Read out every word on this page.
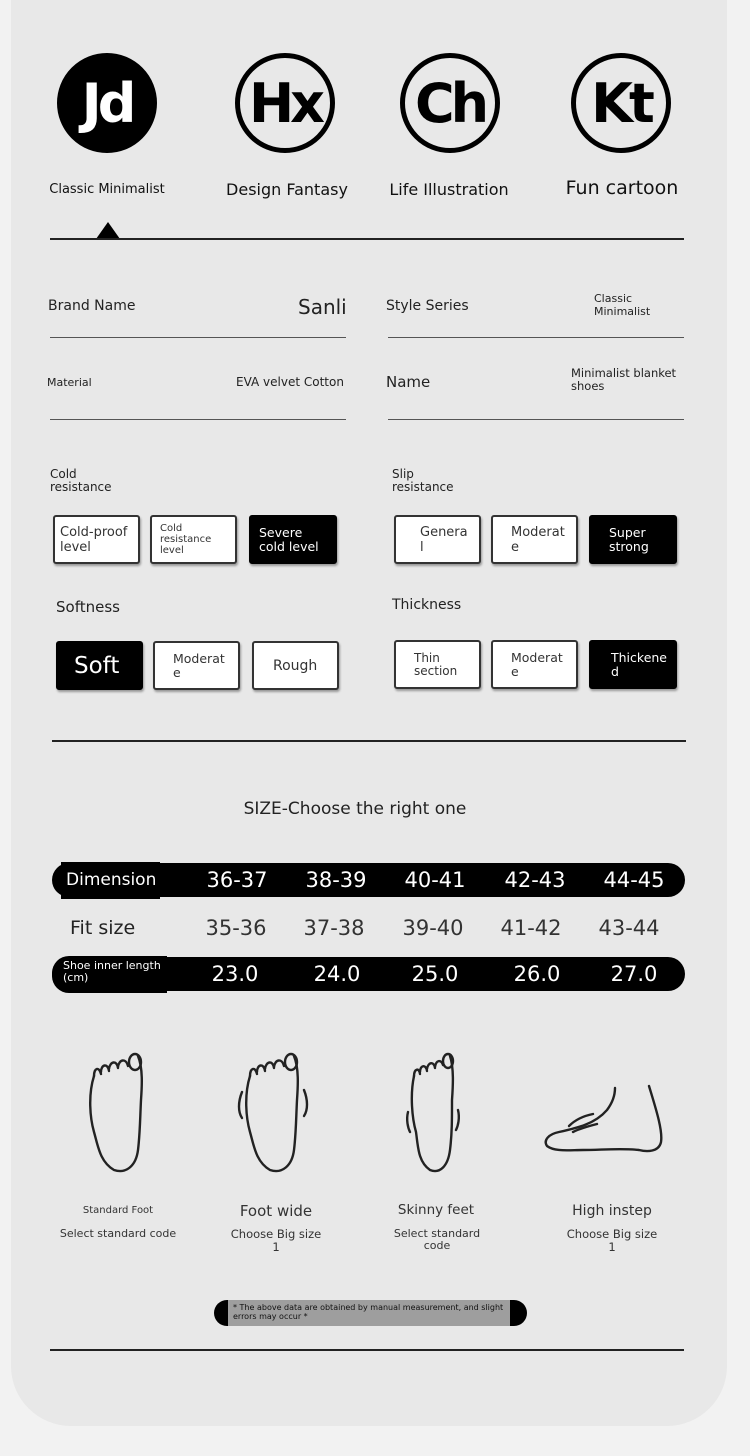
Jd	Hx Ch	Kt
Classic Minimalist	Design Fantasy	Life Illustration	Fun cartoon
Brand Name	Sanli	Style Series	Classic Minimalist
Material	EVA velvet Cotton	Name	Minimalist blanket shoes
Cold resistance
Cold-proof level
Cold resistance level
Severe cold level
Slip resistance
General
Moderate
Super strong
Softness
Soft	Moderate	Rough
Thickness
Thin section
Moderate
Thickened
SIZE-Choose the right one
Dimension	36-37	38-39	40-41	42-43	44-45
Fit size	35-36	37-38	39-40	41-42	43-44
Shoe inner length (cm)	23.0	24.0	25.0	26.0	27.0
Standard Foot
Select standard code
Foot wide
Choose Big size 1
Skinny feet
Select standard code
High instep
Choose Big size 1
* The above data are obtained by manual measurement, and slight errors may occur *
